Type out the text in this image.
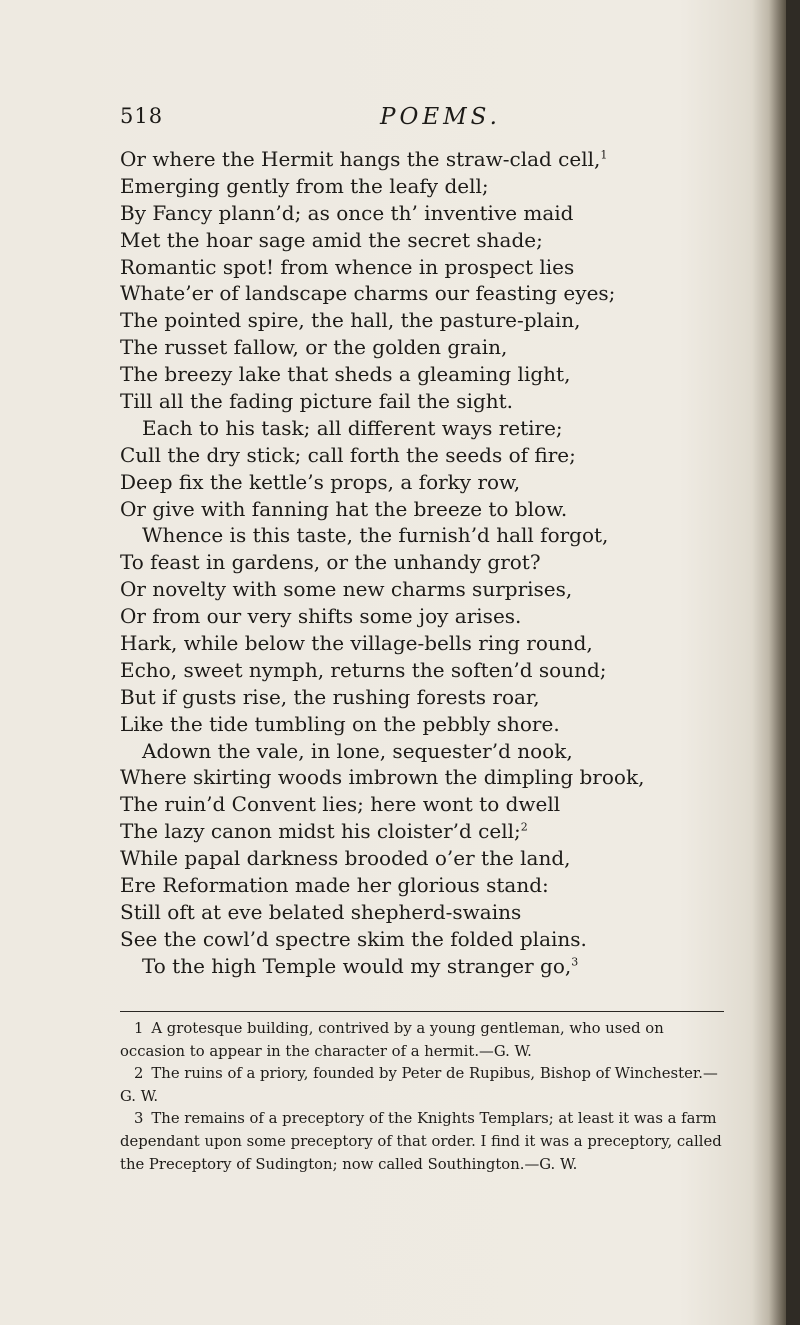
518	POEMS.
Or where the Hermit hangs the straw-clad cell,$^1$
Emerging gently from the leafy dell;
By Fancy plann’d; as once th’ inventive maid
Met the hoar sage amid the secret shade;
Romantic spot! from whence in prospect lies
Whate’er of landscape charms our feasting eyes;
The pointed spire, the hall, the pasture-plain,
The russet fallow, or the golden grain,
The breezy lake that sheds a gleaming light,
Till all the fading picture fail the sight.
Each to his task; all different ways retire;
Cull the dry stick; call forth the seeds of fire;
Deep fix the kettle’s props, a forky row,
Or give with fanning hat the breeze to blow.
Whence is this taste, the furnish’d hall forgot,
To feast in gardens, or the unhandy grot?
Or novelty with some new charms surprises,
Or from our very shifts some joy arises.
Hark, while below the village-bells ring round,
Echo, sweet nymph, returns the soften’d sound;
But if gusts rise, the rushing forests roar,
Like the tide tumbling on the pebbly shore.
Adown the vale, in lone, sequester’d nook,
Where skirting woods imbrown the dimpling brook,
The ruin’d Convent lies; here wont to dwell
The lazy canon midst his cloister’d cell;$^2$
While papal darkness brooded o’er the land,
Ere Reformation made her glorious stand:
Still oft at eve belated shepherd-swains
See the cowl’d spectre skim the folded plains.
To the high Temple would my stranger go,$^3$
1 A grotesque building, contrived by a young gentleman, who used on occasion to appear in the character of a hermit.—G. W.
2 The ruins of a priory, founded by Peter de Rupibus, Bishop of Winchester.—G. W.
3 The remains of a preceptory of the Knights Templars; at least it was a farm dependant upon some preceptory of that order. I find it was a preceptory, called the Preceptory of Sudington; now called Southington.—G. W.
